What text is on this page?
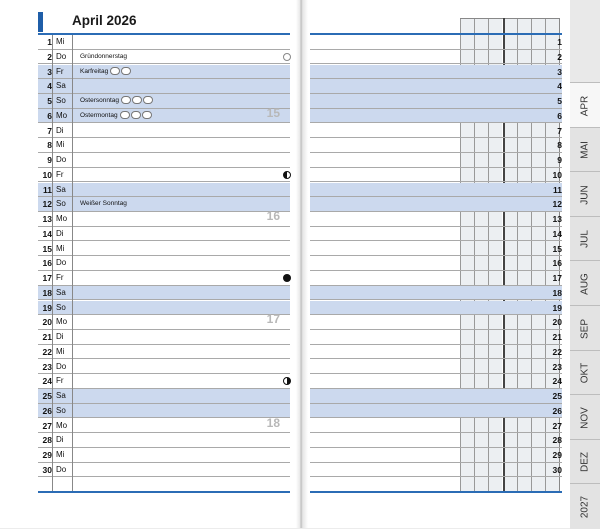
April 2026
1 Mi
2 Do Gründonnerstag
3 Fr	Karfreitag
4 Sa
5 So Ostersonntag
6 Mo Ostermontag	15
7 Di
8 Mi
9 Do
10 Fr
11 Sa
12 So Weißer Sonntag
13 Mo	16
14 Di
15 Mi
16 Do
17 Fr
18 Sa
19 So
20 Mo	17
21 Di
22 Mi
23 Do
24 Fr
25 Sa
26 So
27 Mo	18
28 Di
29 Mi
30 Do
1
2
3
4
5
6
7
8
9
10
11
12
13
14
15
16
17
18
19
20
21
22
23
24
25
26
27
28
29
30
APR
MAI
JUN
JUL
AUG
SEP
OKT
NOV
DEZ
2027
